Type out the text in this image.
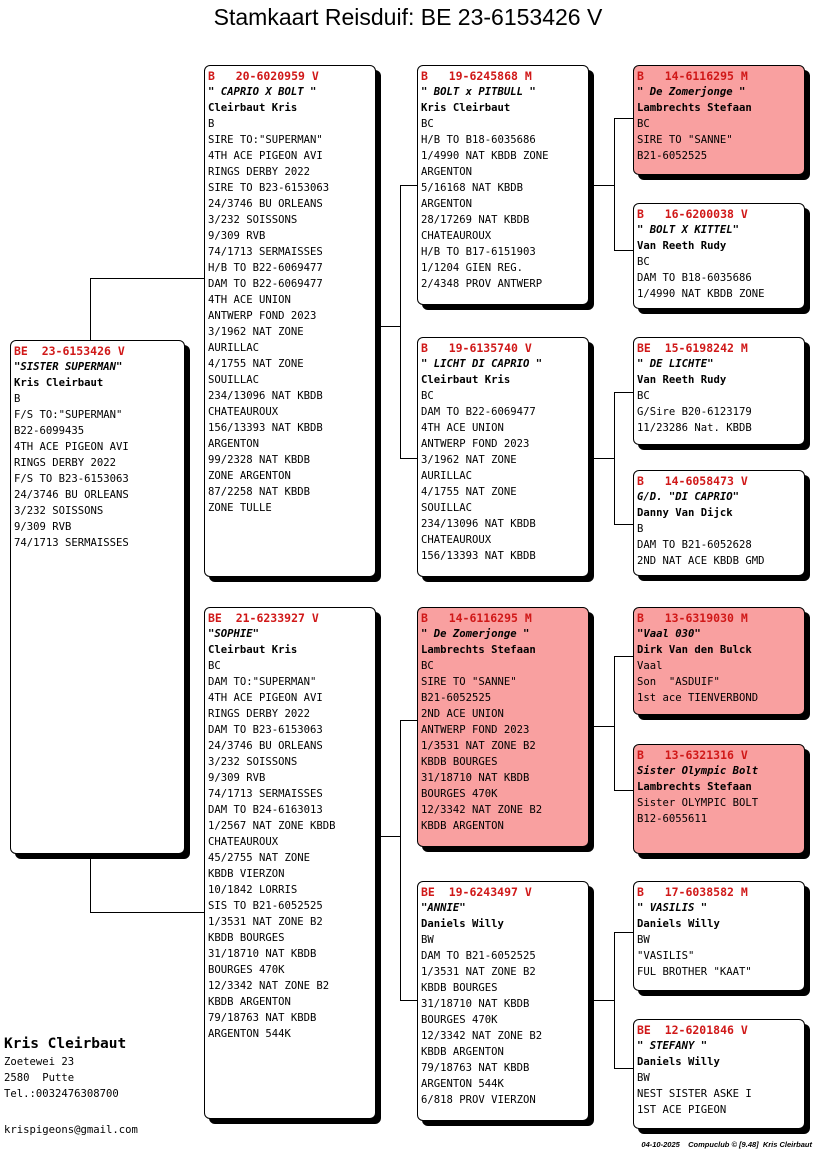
Stamkaart Reisduif: BE 23-6153426 V
BE  23-6153426 V
"SISTER SUPERMAN"
Kris Cleirbaut
B
F/S TO:"SUPERMAN"
B22-6099435
4TH ACE PIGEON AVI
RINGS DERBY 2022
F/S TO B23-6153063
24/3746 BU ORLEANS
3/232 SOISSONS
9/309 RVB
74/1713 SERMAISSES
B   20-6020959 V
" CAPRIO X BOLT "
Cleirbaut Kris
B
SIRE TO:"SUPERMAN"
4TH ACE PIGEON AVI
RINGS DERBY 2022
SIRE TO B23-6153063
24/3746 BU ORLEANS
3/232 SOISSONS
9/309 RVB
74/1713 SERMAISSES
H/B TO B22-6069477
DAM TO B22-6069477
4TH ACE UNION
ANTWERP FOND 2023
3/1962 NAT ZONE
AURILLAC
4/1755 NAT ZONE
SOUILLAC
234/13096 NAT KBDB
CHATEAUROUX
156/13393 NAT KBDB
ARGENTON
99/2328 NAT KBDB
ZONE ARGENTON
87/2258 NAT KBDB
ZONE TULLE
BE  21-6233927 V
"SOPHIE"
Cleirbaut Kris
BC
DAM TO:"SUPERMAN"
4TH ACE PIGEON AVI
RINGS DERBY 2022
DAM TO B23-6153063
24/3746 BU ORLEANS
3/232 SOISSONS
9/309 RVB
74/1713 SERMAISSES
DAM TO B24-6163013
1/2567 NAT ZONE KBDB
CHATEAUROUX
45/2755 NAT ZONE
KBDB VIERZON
10/1842 LORRIS
SIS TO B21-6052525
1/3531 NAT ZONE B2
KBDB BOURGES
31/18710 NAT KBDB
BOURGES 470K
12/3342 NAT ZONE B2
KBDB ARGENTON
79/18763 NAT KBDB
ARGENTON 544K
B   19-6245868 M
" BOLT x PITBULL "
Kris Cleirbaut
BC
H/B TO B18-6035686
1/4990 NAT KBDB ZONE
ARGENTON
5/16168 NAT KBDB
ARGENTON
28/17269 NAT KBDB
CHATEAUROUX
H/B TO B17-6151903
1/1204 GIEN REG.
2/4348 PROV ANTWERP
B   19-6135740 V
" LICHT DI CAPRIO "
Cleirbaut Kris
BC
DAM TO B22-6069477
4TH ACE UNION
ANTWERP FOND 2023
3/1962 NAT ZONE
AURILLAC
4/1755 NAT ZONE
SOUILLAC
234/13096 NAT KBDB
CHATEAUROUX
156/13393 NAT KBDB
B   14-6116295 M
" De Zomerjonge "
Lambrechts Stefaan
BC
SIRE TO "SANNE"
B21-6052525
2ND ACE UNION
ANTWERP FOND 2023
1/3531 NAT ZONE B2
KBDB BOURGES
31/18710 NAT KBDB
BOURGES 470K
12/3342 NAT ZONE B2
KBDB ARGENTON
BE  19-6243497 V
"ANNIE"
Daniels Willy
BW
DAM TO B21-6052525
1/3531 NAT ZONE B2
KBDB BOURGES
31/18710 NAT KBDB
BOURGES 470K
12/3342 NAT ZONE B2
KBDB ARGENTON
79/18763 NAT KBDB
ARGENTON 544K
6/818 PROV VIERZON
B   14-6116295 M
" De Zomerjonge "
Lambrechts Stefaan
BC
SIRE TO "SANNE"
B21-6052525
B   16-6200038 V
" BOLT X KITTEL"
Van Reeth Rudy
BC
DAM TO B18-6035686
1/4990 NAT KBDB ZONE
BE  15-6198242 M
" DE LICHTE"
Van Reeth Rudy
BC
G/Sire B20-6123179
11/23286 Nat. KBDB
B   14-6058473 V
G/D. "DI CAPRIO"
Danny Van Dijck
B
DAM TO B21-6052628
2ND NAT ACE KBDB GMD
B   13-6319030 M
"Vaal 030"
Dirk Van den Bulck
Vaal
Son  "ASDUIF"
1st ace TIENVERBOND
B   13-6321316 V
Sister Olympic Bolt
Lambrechts Stefaan
Sister OLYMPIC BOLT
B12-6055611
B   17-6038582 M
" VASILIS "
Daniels Willy
BW
"VASILIS"
FUL BROTHER "KAAT"
BE  12-6201846 V
" STEFANY "
Daniels Willy
BW
NEST SISTER ASKE I
1ST ACE PIGEON
Kris Cleirbaut
Zoetewei 23
2580  Putte
Tel.:0032476308700
krispigeons@gmail.com
04-10-2025    Compuclub © [9.48]  Kris Cleirbaut
